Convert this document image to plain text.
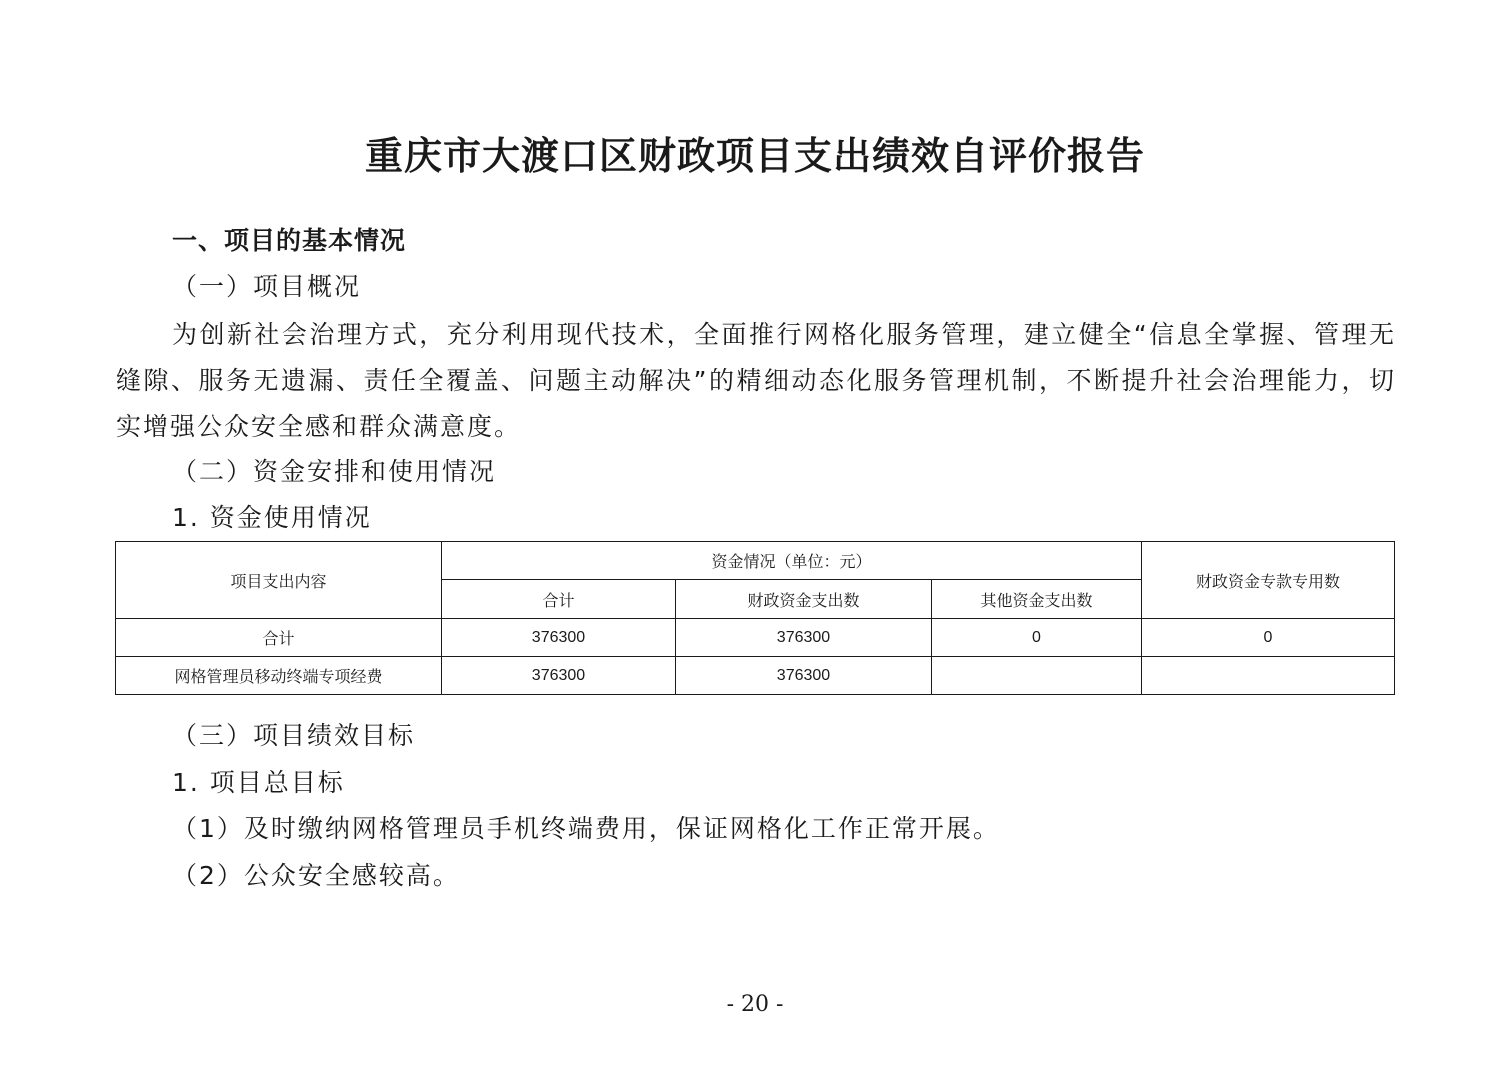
重庆市大渡口区财政项目支出绩效自评价报告

一、项目的基本情况

（一）项目概况

为创新社会治理方式，充分利用现代技术，全面推行网格化服务管理，建立健全“信息全掌握、管理无缝隙、服务无遗漏、责任全覆盖、问题主动解决”的精细动态化服务管理机制，不断提升社会治理能力，切实增强公众安全感和群众满意度。

（二）资金安排和使用情况

1. 资金使用情况

项目支出内容	资金情况（单位：元）			财政资金专款专用数
	合计	财政资金支出数	其他资金支出数	
合计	376300	376300	0	0
网格管理员移动终端专项经费	376300	376300		

（三）项目绩效目标

1. 项目总目标

（1）及时缴纳网格管理员手机终端费用，保证网格化工作正常开展。

（2）公众安全感较高。

- 20 -
